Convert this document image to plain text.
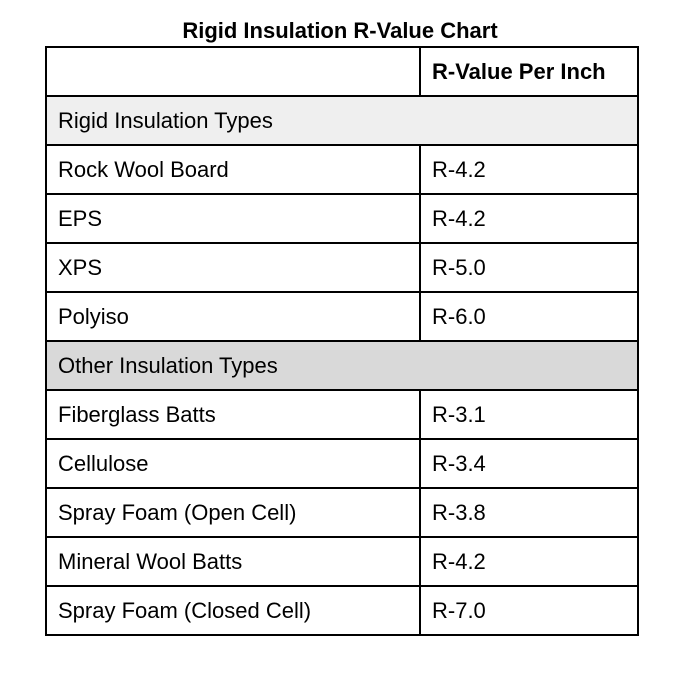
Rigid Insulation R-Value Chart
	R-Value Per Inch
Rigid Insulation Types	
Rock Wool Board	R-4.2
EPS	R-4.2
XPS	R-5.0
Polyiso	R-6.0
Other Insulation Types	
Fiberglass Batts	R-3.1
Cellulose	R-3.4
Spray Foam (Open Cell)	R-3.8
Mineral Wool Batts	R-4.2
Spray Foam (Closed Cell)	R-7.0
